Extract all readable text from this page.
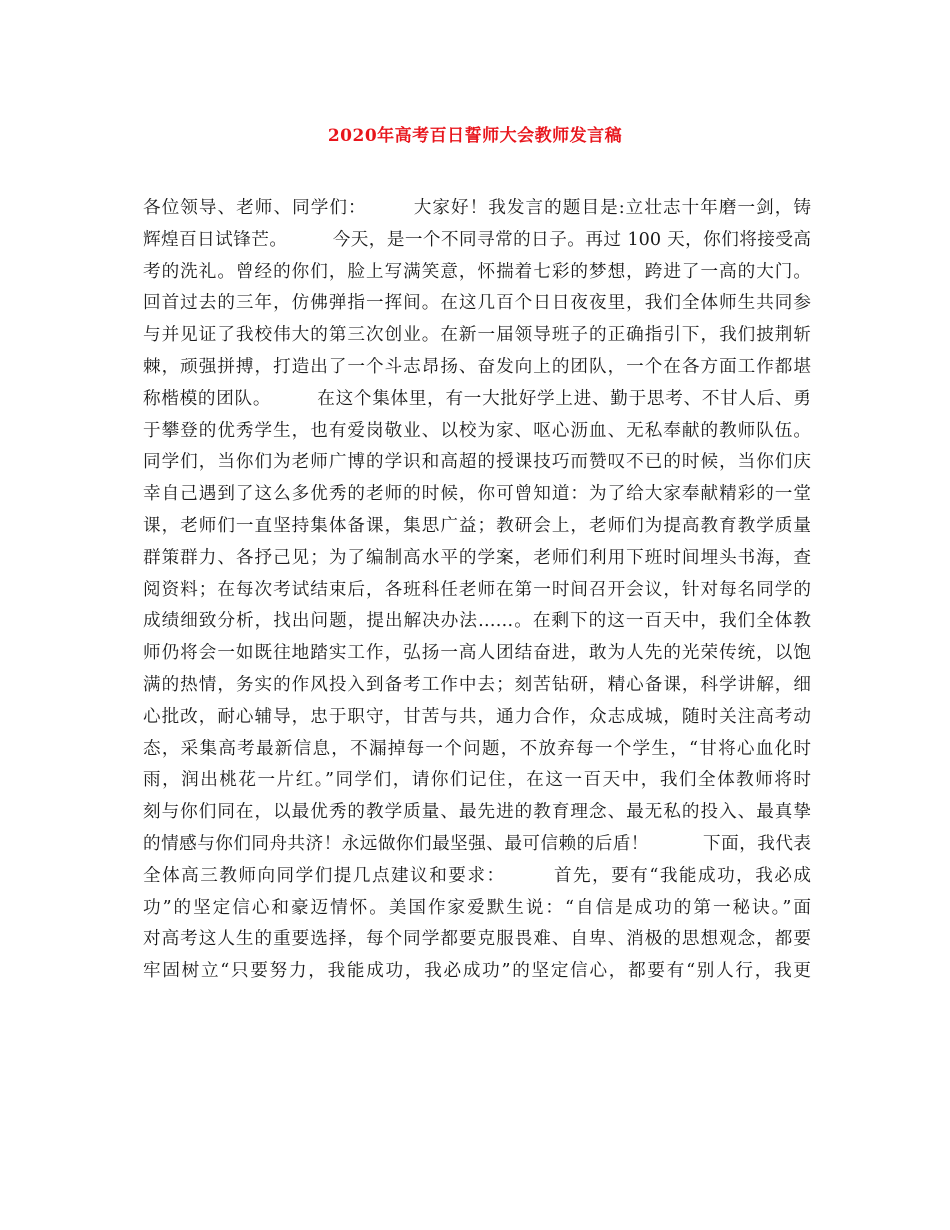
2020年高考百日誓师大会教师发言稿
各位领导、老师、同学们：　　　大家好！我发言的题目是:立壮志十年磨一剑，铸
辉煌百日试锋芒。　　　今天，是一个不同寻常的日子。再过 100 天，你们将接受高
考的洗礼。曾经的你们，脸上写满笑意，怀揣着七彩的梦想，跨进了一高的大门。
回首过去的三年，仿佛弹指一挥间。在这几百个日日夜夜里，我们全体师生共同参
与并见证了我校伟大的第三次创业。在新一届领导班子的正确指引下，我们披荆斩
棘，顽强拼搏，打造出了一个斗志昂扬、奋发向上的团队，一个在各方面工作都堪
称楷模的团队。　　　在这个集体里，有一大批好学上进、勤于思考、不甘人后、勇
于攀登的优秀学生，也有爱岗敬业、以校为家、呕心沥血、无私奉献的教师队伍。
同学们，当你们为老师广博的学识和高超的授课技巧而赞叹不已的时候，当你们庆
幸自己遇到了这么多优秀的老师的时候，你可曾知道：为了给大家奉献精彩的一堂
课，老师们一直坚持集体备课，集思广益；教研会上，老师们为提高教育教学质量
群策群力、各抒己见；为了编制高水平的学案，老师们利用下班时间埋头书海，查
阅资料；在每次考试结束后，各班科任老师在第一时间召开会议，针对每名同学的
成绩细致分析，找出问题，提出解决办法……。在剩下的这一百天中，我们全体教
师仍将会一如既往地踏实工作，弘扬一高人团结奋进，敢为人先的光荣传统，以饱
满的热情，务实的作风投入到备考工作中去；刻苦钻研，精心备课，科学讲解，细
心批改，耐心辅导，忠于职守，甘苦与共，通力合作，众志成城，随时关注高考动
态，采集高考最新信息，不漏掉每一个问题，不放弃每一个学生，“甘将心血化时
雨，润出桃花一片红。”同学们，请你们记住，在这一百天中，我们全体教师将时
刻与你们同在，以最优秀的教学质量、最先进的教育理念、最无私的投入、最真挚
的情感与你们同舟共济！永远做你们最坚强、最可信赖的后盾！　　　下面，我代表
全体高三教师向同学们提几点建议和要求：　　　首先，要有“我能成功，我必成
功”的坚定信心和豪迈情怀。美国作家爱默生说：“自信是成功的第一秘诀。”面
对高考这人生的重要选择，每个同学都要克服畏难、自卑、消极的思想观念，都要
牢固树立“只要努力，我能成功，我必成功”的坚定信心，都要有“别人行，我更
